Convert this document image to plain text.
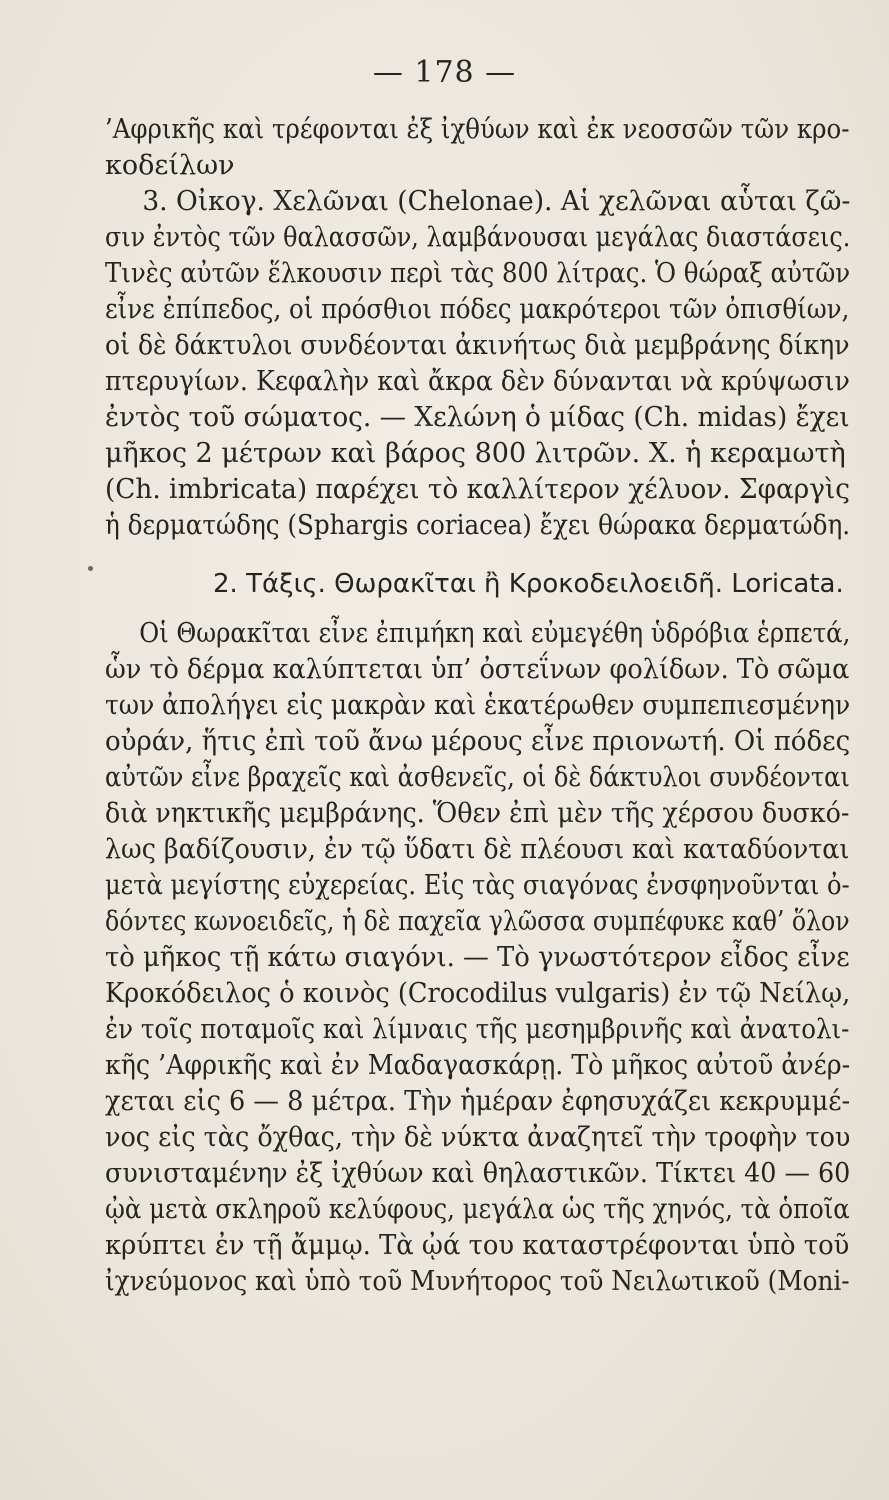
— 178 —
’Αφρικῆς καὶ τρέφονται ἐξ ἰχθύων καὶ ἐκ νεοσσῶν τῶν κρο-
κοδείλων
3. Οἰκογ. Χελῶναι (Chelonae). Αἱ χελῶναι αὗται ζῶ-
σιν ἐντὸς τῶν θαλασσῶν, λαμβάνουσαι μεγάλας διαστάσεις.
Τινὲς αὐτῶν ἕλκουσιν περὶ τὰς 800 λίτρας. Ὁ θώραξ αὐτῶν
εἶνε ἐπίπεδος, οἱ πρόσθιοι πόδες μακρότεροι τῶν ὀπισθίων,
οἱ δὲ δάκτυλοι συνδέονται ἀκινήτως διὰ μεμβράνης δίκην
πτερυγίων. Κεφαλὴν καὶ ἄκρα δὲν δύνανται νὰ κρύψωσιν
ἐντὸς τοῦ σώματος. — Χελώνη ὁ μίδας (Ch. midas) ἔχει
μῆκος 2 μέτρων καὶ βάρος 800 λιτρῶν. Χ. ἡ κεραμωτὴ
(Ch. imbricata) παρέχει τὸ καλλίτερον χέλυον. Σφαργὶς
ἡ δερματώδης (Sphargis coriacea) ἔχει θώρακα δερματώδη.
2. Τάξις. Θωρακῖται ἢ Κροκοδειλοειδῆ. Loricata.
Οἱ Θωρακῖται εἶνε ἐπιμήκη καὶ εὐμεγέθη ὑδρόβια ἑρπετά,
ὧν τὸ δέρμα καλύπτεται ὑπ’ ὀστεΐνων φολίδων. Τὸ σῶμα
των ἀπολήγει εἰς μακρὰν καὶ ἑκατέρωθεν συμπεπιεσμένην
οὐράν, ἥτις ἐπὶ τοῦ ἄνω μέρους εἶνε πριονωτή. Οἱ πόδες
αὐτῶν εἶνε βραχεῖς καὶ ἀσθενεῖς, οἱ δὲ δάκτυλοι συνδέονται
διὰ νηκτικῆς μεμβράνης. Ὅθεν ἐπὶ μὲν τῆς χέρσου δυσκό-
λως βαδίζουσιν, ἐν τῷ ὕδατι δὲ πλέουσι καὶ καταδύονται
μετὰ μεγίστης εὐχερείας. Εἰς τὰς σιαγόνας ἐνσφηνοῦνται ὀ-
δόντες κωνοειδεῖς, ἡ δὲ παχεῖα γλῶσσα συμπέφυκε καθ’ ὅλον
τὸ μῆκος τῇ κάτω σιαγόνι. — Τὸ γνωστότερον εἶδος εἶνε
Κροκόδειλος ὁ κοινὸς (Crocodilus vulgaris) ἐν τῷ Νείλῳ,
ἐν τοῖς ποταμοῖς καὶ λίμναις τῆς μεσημβρινῆς καὶ ἀνατολι-
κῆς ’Αφρικῆς καὶ ἐν Μαδαγασκάρῃ. Τὸ μῆκος αὐτοῦ ἀνέρ-
χεται εἰς 6 — 8 μέτρα. Τὴν ἡμέραν ἐφησυχάζει κεκρυμμέ-
νος εἰς τὰς ὄχθας, τὴν δὲ νύκτα ἀναζητεῖ τὴν τροφὴν του
συνισταμένην ἐξ ἰχθύων καὶ θηλαστικῶν. Τίκτει 40 — 60
ᾠὰ μετὰ σκληροῦ κελύφους, μεγάλα ὡς τῆς χηνός, τὰ ὁποῖα
κρύπτει ἐν τῇ ἄμμῳ. Τὰ ᾠά του καταστρέφονται ὑπὸ τοῦ
ἰχνεύμονος καὶ ὑπὸ τοῦ Μυνήτορος τοῦ Νειλωτικοῦ (Moni-
